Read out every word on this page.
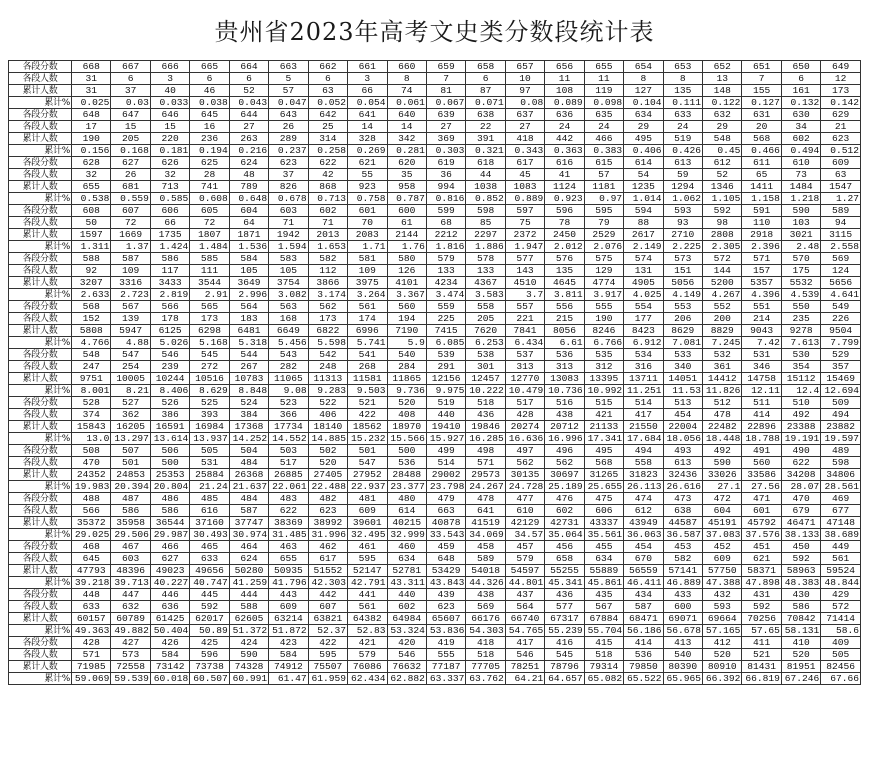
贵州省2023年高考文史类分数段统计表
各段分数	668	667	666	665	664	663	662	661	660	659	658	657	656	655	654	653	652	651	650	649
各段人数	31	6	3	6	6	5	6	3	8	7	6	10	11	11	8	8	13	7	6	12
累计人数	31	37	40	46	52	57	63	66	74	81	87	97	108	119	127	135	148	155	161	173
累计%	0.025	0.03	0.033	0.038	0.043	0.047	0.052	0.054	0.061	0.067	0.071	0.08	0.089	0.098	0.104	0.111	0.122	0.127	0.132	0.142
各段分数	648	647	646	645	644	643	642	641	640	639	638	637	636	635	634	633	632	631	630	629
各段人数	17	15	15	16	27	26	25	14	14	27	22	27	24	24	29	24	29	20	34	21
累计人数	190	205	220	236	263	289	314	328	342	369	391	418	442	466	495	519	548	568	602	623
累计%	0.156	0.168	0.181	0.194	0.216	0.237	0.258	0.269	0.281	0.303	0.321	0.343	0.363	0.383	0.406	0.426	0.45	0.466	0.494	0.512
各段分数	628	627	626	625	624	623	622	621	620	619	618	617	616	615	614	613	612	611	610	609
各段人数	32	26	32	28	48	37	42	55	35	36	44	45	41	57	54	59	52	65	73	63
累计人数	655	681	713	741	789	826	868	923	958	994	1038	1083	1124	1181	1235	1294	1346	1411	1484	1547
累计%	0.538	0.559	0.585	0.608	0.648	0.678	0.713	0.758	0.787	0.816	0.852	0.889	0.923	0.97	1.014	1.062	1.105	1.158	1.218	1.27
各段分数	608	607	606	605	604	603	602	601	600	599	598	597	596	595	594	593	592	591	590	589
各段人数	50	72	66	72	64	71	71	70	61	68	85	75	78	79	88	93	98	110	103	94
累计人数	1597	1669	1735	1807	1871	1942	2013	2083	2144	2212	2297	2372	2450	2529	2617	2710	2808	2918	3021	3115
累计%	1.311	1.37	1.424	1.484	1.536	1.594	1.653	1.71	1.76	1.816	1.886	1.947	2.012	2.076	2.149	2.225	2.305	2.396	2.48	2.558
各段分数	588	587	586	585	584	583	582	581	580	579	578	577	576	575	574	573	572	571	570	569
各段人数	92	109	117	111	105	105	112	109	126	133	133	143	135	129	131	151	144	157	175	124
累计人数	3207	3316	3433	3544	3649	3754	3866	3975	4101	4234	4367	4510	4645	4774	4905	5056	5200	5357	5532	5656
累计%	2.633	2.723	2.819	2.91	2.996	3.082	3.174	3.264	3.367	3.474	3.583	3.7	3.811	3.917	4.025	4.149	4.267	4.396	4.539	4.641
各段分数	568	567	566	565	564	563	562	561	560	559	558	557	556	555	554	553	552	551	550	549
各段人数	152	139	178	173	183	168	173	174	194	225	205	221	215	190	177	206	200	214	235	226
累计人数	5808	5947	6125	6298	6481	6649	6822	6996	7190	7415	7620	7841	8056	8246	8423	8629	8829	9043	9278	9504
累计%	4.766	4.88	5.026	5.168	5.318	5.456	5.598	5.741	5.9	6.085	6.253	6.434	6.61	6.766	6.912	7.081	7.245	7.42	7.613	7.799
各段分数	548	547	546	545	544	543	542	541	540	539	538	537	536	535	534	533	532	531	530	529
各段人数	247	254	239	272	267	282	248	268	284	291	301	313	313	312	316	340	361	346	354	357
累计人数	9751	10005	10244	10516	10783	11065	11313	11581	11865	12156	12457	12770	13083	13395	13711	14051	14412	14758	15112	15469
累计%	8.001	8.21	8.406	8.629	8.848	9.08	9.283	9.503	9.736	9.975	10.222	10.479	10.736	10.992	11.251	11.53	11.826	12.11	12.4	12.694
各段分数	528	527	526	525	524	523	522	521	520	519	518	517	516	515	514	513	512	511	510	509
各段人数	374	362	386	393	384	366	406	422	408	440	436	428	438	421	417	454	478	414	492	494
累计人数	15843	16205	16591	16984	17368	17734	18140	18562	18970	19410	19846	20274	20712	21133	21550	22004	22482	22896	23388	23882
累计%	13.0	13.297	13.614	13.937	14.252	14.552	14.885	15.232	15.566	15.927	16.285	16.636	16.996	17.341	17.684	18.056	18.448	18.788	19.191	19.597
各段分数	508	507	506	505	504	503	502	501	500	499	498	497	496	495	494	493	492	491	490	489
各段人数	470	501	500	531	484	517	520	547	536	514	571	562	562	568	558	613	590	560	622	598
累计人数	24352	24853	25353	25884	26368	26885	27405	27952	28488	29002	29573	30135	30697	31265	31823	32436	33026	33586	34208	34806
累计%	19.983	20.394	20.804	21.24	21.637	22.061	22.488	22.937	23.377	23.798	24.267	24.728	25.189	25.655	26.113	26.616	27.1	27.56	28.07	28.561
各段分数	488	487	486	485	484	483	482	481	480	479	478	477	476	475	474	473	472	471	470	469
各段人数	566	586	586	616	587	622	623	609	614	663	641	610	602	606	612	638	604	601	679	677
累计人数	35372	35958	36544	37160	37747	38369	38992	39601	40215	40878	41519	42129	42731	43337	43949	44587	45191	45792	46471	47148
累计%	29.025	29.506	29.987	30.493	30.974	31.485	31.996	32.495	32.999	33.543	34.069	34.57	35.064	35.561	36.063	36.587	37.083	37.576	38.133	38.689
各段分数	468	467	466	465	464	463	462	461	460	459	458	457	456	455	454	453	452	451	450	449
各段人数	645	603	627	633	624	655	617	595	634	648	589	579	658	634	670	582	609	621	592	561
累计人数	47793	48396	49023	49656	50280	50935	51552	52147	52781	53429	54018	54597	55255	55889	56559	57141	57750	58371	58963	59524
累计%	39.218	39.713	40.227	40.747	41.259	41.796	42.303	42.791	43.311	43.843	44.326	44.801	45.341	45.861	46.411	46.889	47.388	47.898	48.383	48.844
各段分数	448	447	446	445	444	443	442	441	440	439	438	437	436	435	434	433	432	431	430	429
各段人数	633	632	636	592	588	609	607	561	602	623	569	564	577	567	587	600	593	592	586	572
累计人数	60157	60789	61425	62017	62605	63214	63821	64382	64984	65607	66176	66740	67317	67884	68471	69071	69664	70256	70842	71414
累计%	49.363	49.882	50.404	50.89	51.372	51.872	52.37	52.83	53.324	53.836	54.303	54.765	55.239	55.704	56.186	56.678	57.165	57.65	58.131	58.6
各段分数	428	427	426	425	424	423	422	421	420	419	418	417	416	415	414	413	412	411	410	409
各段人数	571	573	584	596	590	584	595	579	546	555	518	546	545	518	536	540	520	521	520	505
累计人数	71985	72558	73142	73738	74328	74912	75507	76086	76632	77187	77705	78251	78796	79314	79850	80390	80910	81431	81951	82456
累计%	59.069	59.539	60.018	60.507	60.991	61.47	61.959	62.434	62.882	63.337	63.762	64.21	64.657	65.082	65.522	65.965	66.392	66.819	67.246	67.66
